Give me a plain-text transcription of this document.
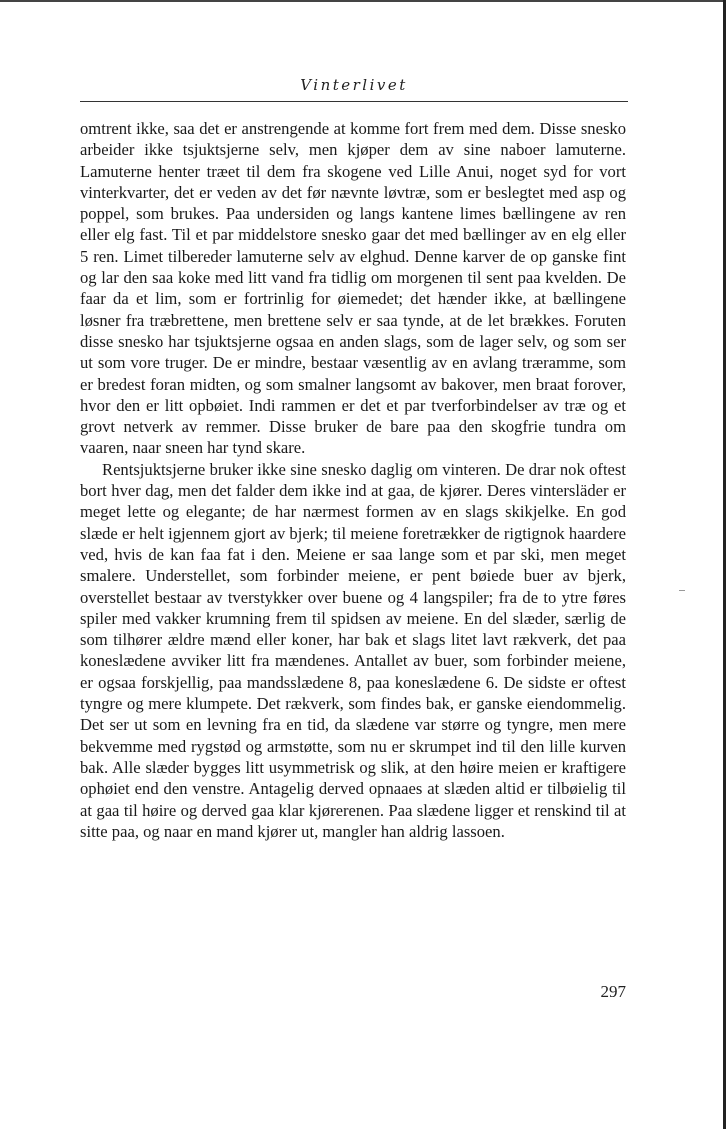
Vinterlivet

omtrent ikke, saa det er anstrengende at komme fort frem med dem. Disse snesko arbeider ikke tsjuktsjerne selv, men kjøper dem av sine naboer lamuterne. Lamuterne henter træet til dem fra skogene ved Lille Anui, noget syd for vort vinterkvarter, det er veden av det før nævnte løvtræ, som er beslegtet med asp og poppel, som brukes. Paa undersiden og langs kantene limes bællingene av ren eller elg fast. Til et par middelstore snesko gaar det med bællinger av en elg eller 5 ren. Limet tilbereder lamuterne selv av elghud. Denne karver de op ganske fint og lar den saa koke med litt vand fra tidlig om morgenen til sent paa kvelden. De faar da et lim, som er fortrinlig for øiemedet; det hænder ikke, at bællingene løsner fra træbrettene, men brettene selv er saa tynde, at de let brækkes. Foruten disse snesko har tsjuktsjerne ogsaa en anden slags, som de lager selv, og som ser ut som vore truger. De er mindre, bestaar væsentlig av en avlang træramme, som er bredest foran midten, og som smalner langsomt av bakover, men braat forover, hvor den er litt opbøiet. Indi rammen er det et par tverforbindelser av træ og et grovt netverk av remmer. Disse bruker de bare paa den skogfrie tundra om vaaren, naar sneen har tynd skare.

Rentsjuktsjerne bruker ikke sine snesko daglig om vinteren. De drar nok oftest bort hver dag, men det falder dem ikke ind at gaa, de kjører. Deres vintersläder er meget lette og elegante; de har nærmest formen av en slags skikjelke. En god slæde er helt igjennem gjort av bjerk; til meiene foretrækker de rigtignok haardere ved, hvis de kan faa fat i den. Meiene er saa lange som et par ski, men meget smalere. Understellet, som forbinder meiene, er pent bøiede buer av bjerk, overstellet bestaar av tverstykker over buene og 4 langspiler; fra de to ytre føres spiler med vakker krumning frem til spidsen av meiene. En del slæder, særlig de som tilhører ældre mænd eller koner, har bak et slags litet lavt rækverk, det paa koneslædene avviker litt fra mændenes. Antallet av buer, som forbinder meiene, er ogsaa forskjellig, paa mandsslædene 8, paa koneslædene 6. De sidste er oftest tyngre og mere klumpete. Det rækverk, som findes bak, er ganske eiendommelig. Det ser ut som en levning fra en tid, da slædene var større og tyngre, men mere bekvemme med rygstød og armstøtte, som nu er skrumpet ind til den lille kurven bak. Alle slæder bygges litt usymmetrisk og slik, at den høire meien er kraftigere ophøiet end den venstre. Antagelig derved opnaaes at slæden altid er tilbøielig til at gaa til høire og derved gaa klar kjørerenen. Paa slædene ligger et renskind til at sitte paa, og naar en mand kjører ut, mangler han aldrig lassoen.

297
